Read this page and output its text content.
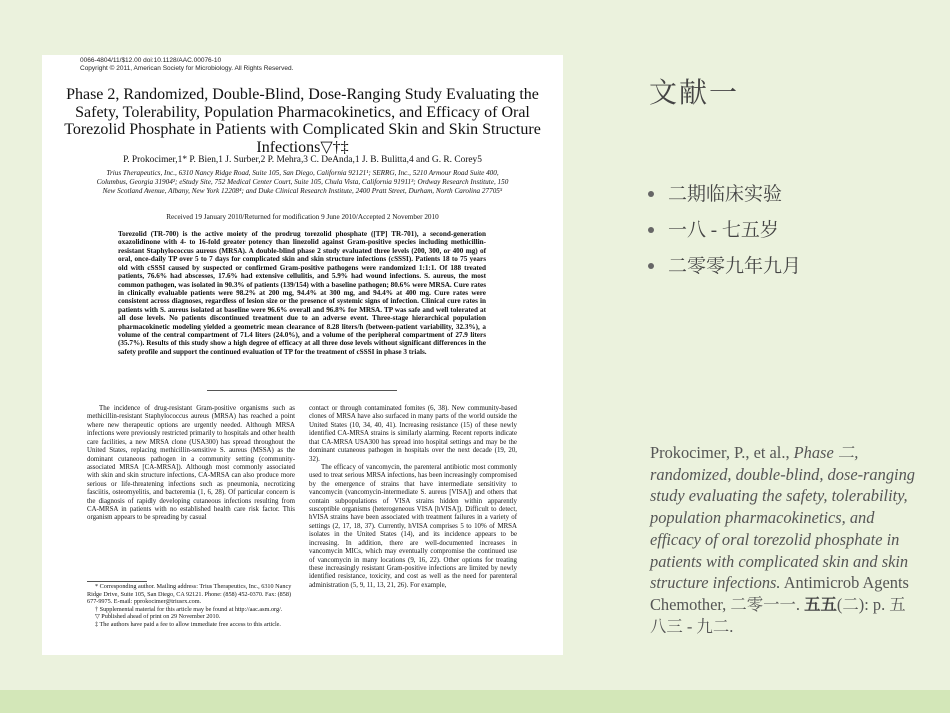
0066-4804/11/$12.00 doi:10.1128/AAC.00076-10
Copyright © 2011, American Society for Microbiology. All Rights Reserved.
Phase 2, Randomized, Double-Blind, Dose-Ranging Study Evaluating the Safety, Tolerability, Population Pharmacokinetics, and Efficacy of Oral Torezolid Phosphate in Patients with Complicated Skin and Skin Structure Infections▽†‡
P. Prokocimer,1* P. Bien,1 J. Surber,2 P. Mehra,3 C. DeAnda,1 J. B. Bulitta,4 and G. R. Corey5
Trius Therapeutics, Inc., 6310 Nancy Ridge Road, Suite 105, San Diego, California 92121¹; SERRG, Inc., 5210 Armour Road Suite 400, Columbus, Georgia 31904²; eStudy Site, 752 Medical Center Court, Suite 105, Chula Vista, California 91911³; Ordway Research Institute, 150 New Scotland Avenue, Albany, New York 12208⁴; and Duke Clinical Research Institute, 2400 Pratt Street, Durham, North Carolina 27705⁵
Received 19 January 2010/Returned for modification 9 June 2010/Accepted 2 November 2010
Torezolid (TR-700) is the active moiety of the prodrug torezolid phosphate ([TP] TR-701), a second-generation oxazolidinone with 4- to 16-fold greater potency than linezolid against Gram-positive species including methicillin-resistant Staphylococcus aureus (MRSA). A double-blind phase 2 study evaluated three levels (200, 300, or 400 mg) of oral, once-daily TP over 5 to 7 days for complicated skin and skin structure infections (cSSSI). Patients 18 to 75 years old with cSSSI caused by suspected or confirmed Gram-positive pathogens were randomized 1:1:1. Of 188 treated patients, 76.6% had abscesses, 17.6% had extensive cellulitis, and 5.9% had wound infections. S. aureus, the most common pathogen, was isolated in 90.3% of patients (139/154) with a baseline pathogen; 80.6% were MRSA. Cure rates in clinically evaluable patients were 98.2% at 200 mg, 94.4% at 300 mg, and 94.4% at 400 mg. Cure rates were consistent across diagnoses, regardless of lesion size or the presence of systemic signs of infection. Clinical cure rates in patients with S. aureus isolated at baseline were 96.6% overall and 96.8% for MRSA. TP was safe and well tolerated at all dose levels. No patients discontinued treatment due to an adverse event. Three-stage hierarchical population pharmacokinetic modeling yielded a geometric mean clearance of 8.28 liters/h (between-patient variability, 32.3%), a volume of the central compartment of 71.4 liters (24.0%), and a volume of the peripheral compartment of 27.9 liters (35.7%). Results of this study show a high degree of efficacy at all three dose levels without significant differences in the safety profile and support the continued evaluation of TP for the treatment of cSSSI in phase 3 trials.

The incidence of drug-resistant Gram-positive organisms such as methicillin-resistant Staphylococcus aureus (MRSA) has reached a point where new therapeutic options are urgently needed. Although MRSA infections were previously restricted primarily to hospitals and other health care facilities, a new MRSA clone (USA300) has spread throughout the United States, replacing methicillin-sensitive S. aureus (MSSA) as the dominant cutaneous pathogen in a community setting (community-associated MRSA [CA-MRSA]). Although most commonly associated with skin and skin structure infections, CA-MRSA can also produce more serious or life-threatening infections such as pneumonia, necrotizing fasciitis, osteomyelitis, and bacteremia (1, 6, 28). Of particular concern is the diagnosis of rapidly developing cutaneous infections resulting from CA-MRSA in patients with no established health care risk factor. This organism appears to be spreading by casual

contact or through contaminated fomites (6, 38). New community-based clones of MRSA have also surfaced in many parts of the world outside the United States (10, 34, 40, 41). Increasing resistance (15) of these newly identified CA-MRSA strains is similarly alarming. Recent reports indicate that CA-MRSA USA300 has spread into hospital settings and may be the dominant cutaneous pathogen in hospitals over the next decade (19, 20, 32).

The efficacy of vancomycin, the parenteral antibiotic most commonly used to treat serious MRSA infections, has been increasingly compromised by the emergence of strains that have intermediate sensitivity to vancomycin (vancomycin-intermediate S. aureus [VISA]) and others that contain subpopulations of VISA strains hidden within apparently susceptible organisms (heterogeneous VISA [hVISA]). Difficult to detect, hVISA strains have been associated with treatment failures in a variety of settings (2, 17, 18, 37). Currently, hVISA comprises 5 to 10% of MRSA isolates in the United States (14), and its incidence appears to be increasing. In addition, there are well-documented increases in vancomycin MICs, which may eventually compromise the continued use of vancomycin in many locations (9, 16, 22). Other options for treating these increasingly resistant Gram-positive infections are limited by newly identified resistance, toxicity, and cost as well as the need for parenteral administration (5, 9, 11, 13, 21, 26). For example,

* Corresponding author. Mailing address: Trius Therapeutics, Inc., 6310 Nancy Ridge Drive, Suite 105, San Diego, CA 92121. Phone: (858) 452-0370. Fax: (858) 677-9975. E-mail: pprokocimer@triusrx.com.

† Supplemental material for this article may be found at http://aac.asm.org/.

▽ Published ahead of print on 29 November 2010.

‡ The authors have paid a fee to allow immediate free access to this article.

文献一
二期临床实验
一八 - 七五岁
二零零九年九月
Prokocimer, P., et al., Phase 二, randomized, double-blind, dose-ranging study evaluating the safety, tolerability, population pharmacokinetics, and efficacy of oral torezolid phosphate in patients with complicated skin and skin structure infections. Antimicrob Agents Chemother, 二零一一. 五五(二): p. 五八三 - 九二.
